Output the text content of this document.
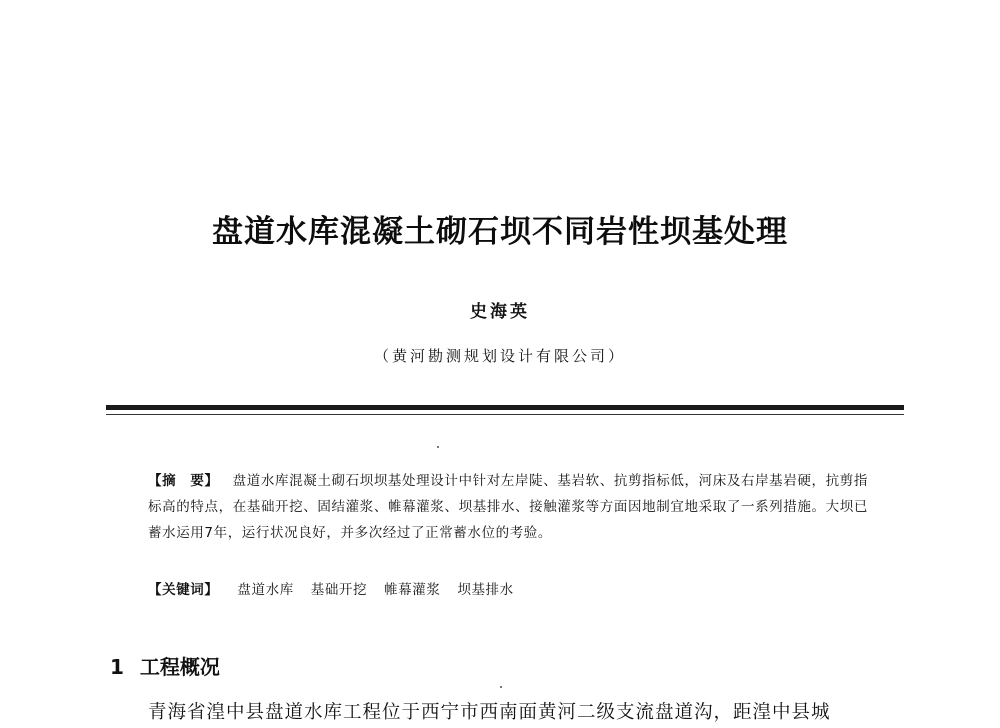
盘道水库混凝土砌石坝不同岩性坝基处理
史海英
（黄河勘测规划设计有限公司）
【摘　要】 盘道水库混凝土砌石坝坝基处理设计中针对左岸陡、基岩软、抗剪指标低，河床及右岸基岩硬，抗剪指标高的特点，在基础开挖、固结灌浆、帷幕灌浆、坝基排水、接触灌浆等方面因地制宜地采取了一系列措施。大坝已蓄水运用7年，运行状况良好，并多次经过了正常蓄水位的考验。
【关键词】 盘道水库 基础开挖 帷幕灌浆 坝基排水
1 工程概况
青海省湟中县盘道水库工程位于西宁市西南面黄河二级支流盘道沟，距湟中县城
